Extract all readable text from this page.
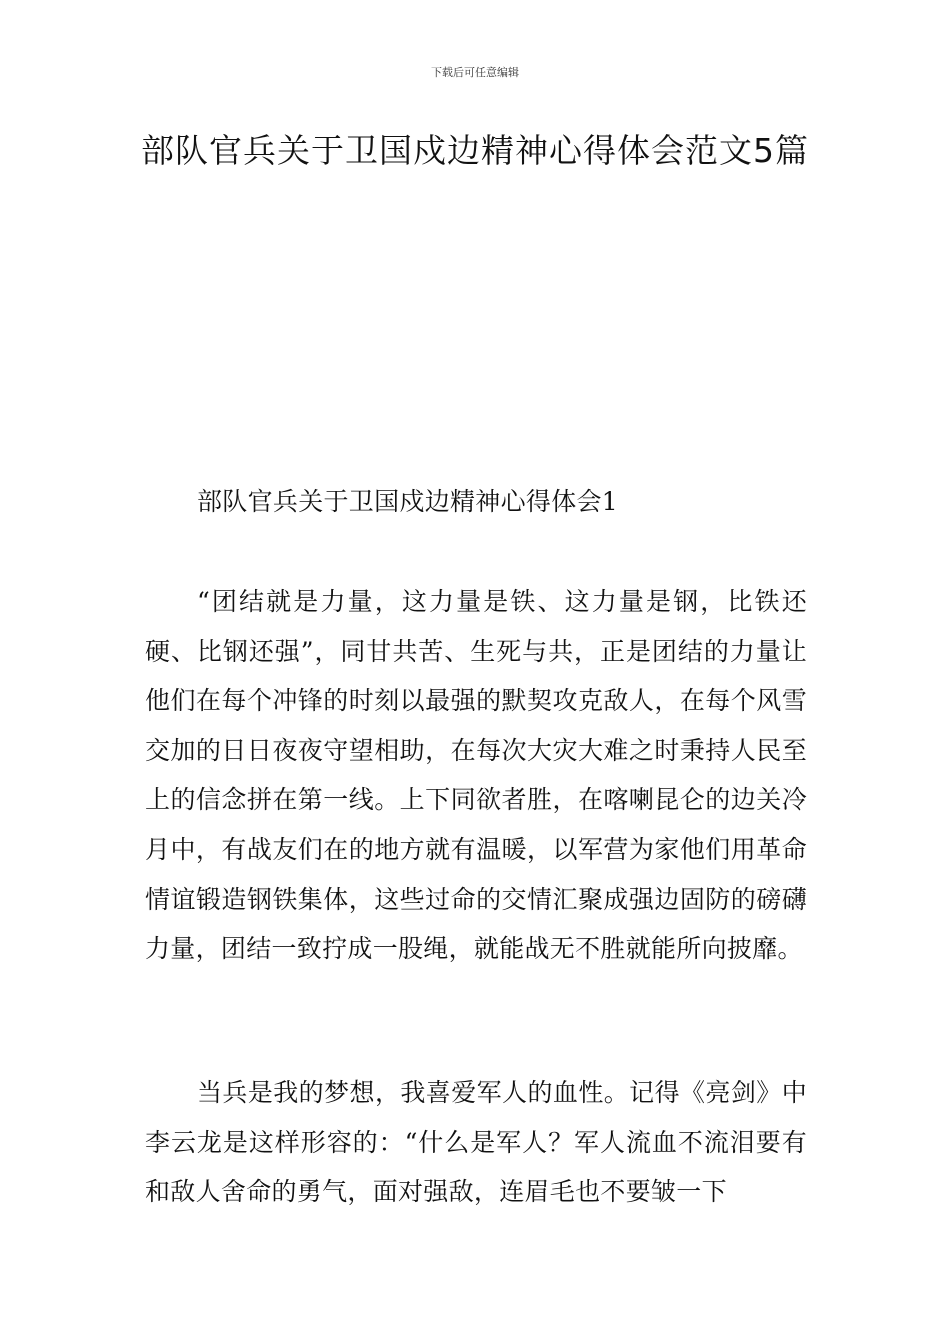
下载后可任意编辑
部队官兵关于卫国戍边精神心得体会范文5篇

部队官兵关于卫国戍边精神心得体会1

“团结就是力量，这力量是铁、这力量是钢，比铁还硬、比钢还强”，同甘共苦、生死与共，正是团结的力量让他们在每个冲锋的时刻以最强的默契攻克敌人，在每个风雪交加的日日夜夜守望相助，在每次大灾大难之时秉持人民至上的信念拼在第一线。上下同欲者胜，在喀喇昆仑的边关冷月中，有战友们在的地方就有温暖，以军营为家他们用革命情谊锻造钢铁集体，这些过命的交情汇聚成强边固防的磅礴力量，团结一致拧成一股绳，就能战无不胜就能所向披靡。

当兵是我的梦想，我喜爱军人的血性。记得《亮剑》中李云龙是这样形容的：“什么是军人？军人流血不流泪要有和敌人舍命的勇气，面对强敌，连眉毛也不要皱一下
